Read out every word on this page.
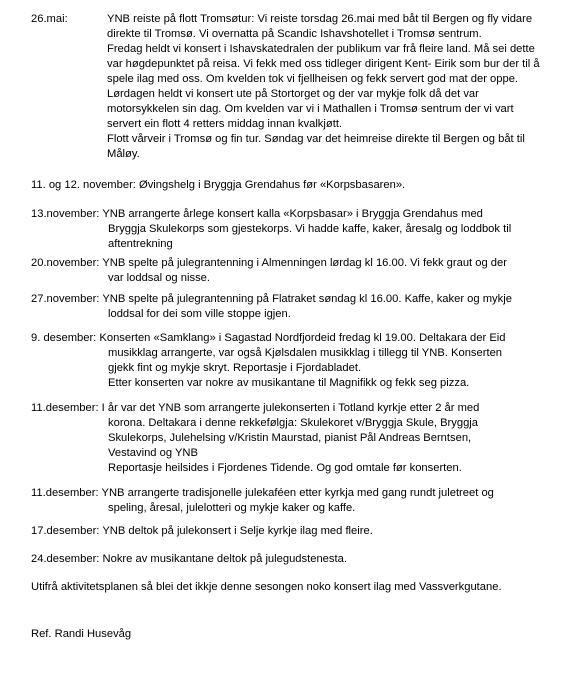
26.mai:	YNB reiste på flott Tromsøtur: Vi reiste torsdag 26.mai med båt til Bergen og fly vidare
direkte til Tromsø. Vi overnatta på Scandic Ishavshotellet i Tromsø sentrum.
Fredag heldt vi konsert i Ishavskatedralen der publikum var frå fleire land. Må sei dette
var høgdepunktet på reisa. Vi fekk med oss tidleger dirigent Kent- Eirik som bur der til å
spele ilag med oss. Om kvelden tok vi fjellheisen og fekk servert god mat der oppe.
Lørdagen heldt vi konsert ute på Stortorget og der var mykje folk då det var
motorsykkelen sin dag. Om kvelden var vi i Mathallen i Tromsø sentrum der vi vart
servert ein flott 4 retters middag innan kvalkjøtt.
Flott vårveir i Tromsø og fin tur. Søndag var det heimreise direkte til Bergen og båt til
Måløy.

11. og 12. november: Øvingshelg i Bryggja Grendahus før «Korpsbasaren».
13.november: YNB arrangerte årlege konsert kalla «Korpsbasar» i Bryggja Grendahus med
Bryggja Skulekorps som gjestekorps. Vi hadde kaffe, kaker, åresalg og loddbok til
aftentrekning
20.november: YNB spelte på julegrantenning i Almenningen lørdag kl 16.00. Vi fekk graut og der
var loddsal og nisse.
27.november: YNB spelte på julegrantenning på Flatraket søndag kl 16.00. Kaffe, kaker og mykje
loddsal for dei som ville stoppe igjen.
9. desember: Konserten «Samklang» i Sagastad Nordfjordeid fredag kl 19.00. Deltakara der Eid
musikklag arrangerte, var også Kjølsdalen musikklag i tillegg til YNB. Konserten
gjekk fint og mykje skryt. Reportasje i Fjordabladet.
Etter konserten var nokre av musikantane til Magnifikk og fekk seg pizza.
11.desember: I år var det YNB som arrangerte julekonserten i Totland kyrkje etter 2 år med
korona. Deltakara i denne rekkefølgja: Skulekoret v/Bryggja Skule, Bryggja
Skulekorps, Julehelsing v/Kristin Maurstad, pianist Pål Andreas Berntsen,
Vestavind og YNB
Reportasje heilsides i Fjordenes Tidende. Og god omtale før konserten.
11.desember: YNB arrangerte tradisjonelle julekaféen etter kyrkja med gang rundt juletreet og
speling, åresal, julelotteri og mykje kaker og kaffe.
17.desember: YNB deltok på julekonsert i Selje kyrkje ilag med fleire.
24.desember: Nokre av musikantane deltok på julegudstenesta.
Utifrå aktivitetsplanen så blei det ikkje denne sesongen noko konsert ilag med Vassverkgutane.
Ref. Randi Husevåg
